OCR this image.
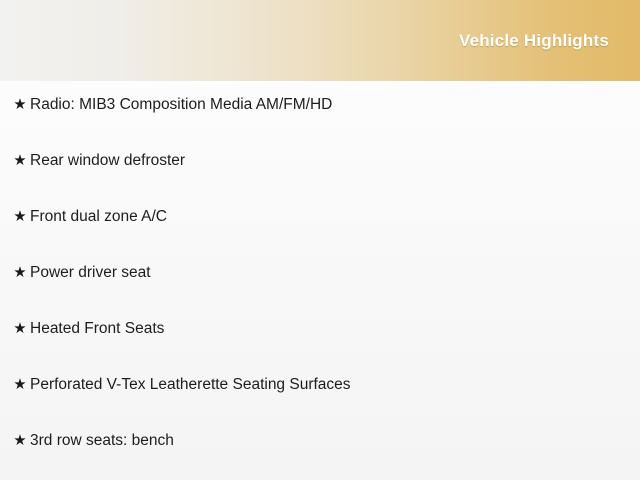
Vehicle Highlights
★ Radio: MIB3 Composition Media AM/FM/HD
★ Rear window defroster
★ Front dual zone A/C
★ Power driver seat
★ Heated Front Seats
★ Perforated V-Tex Leatherette Seating Surfaces
★ 3rd row seats: bench
